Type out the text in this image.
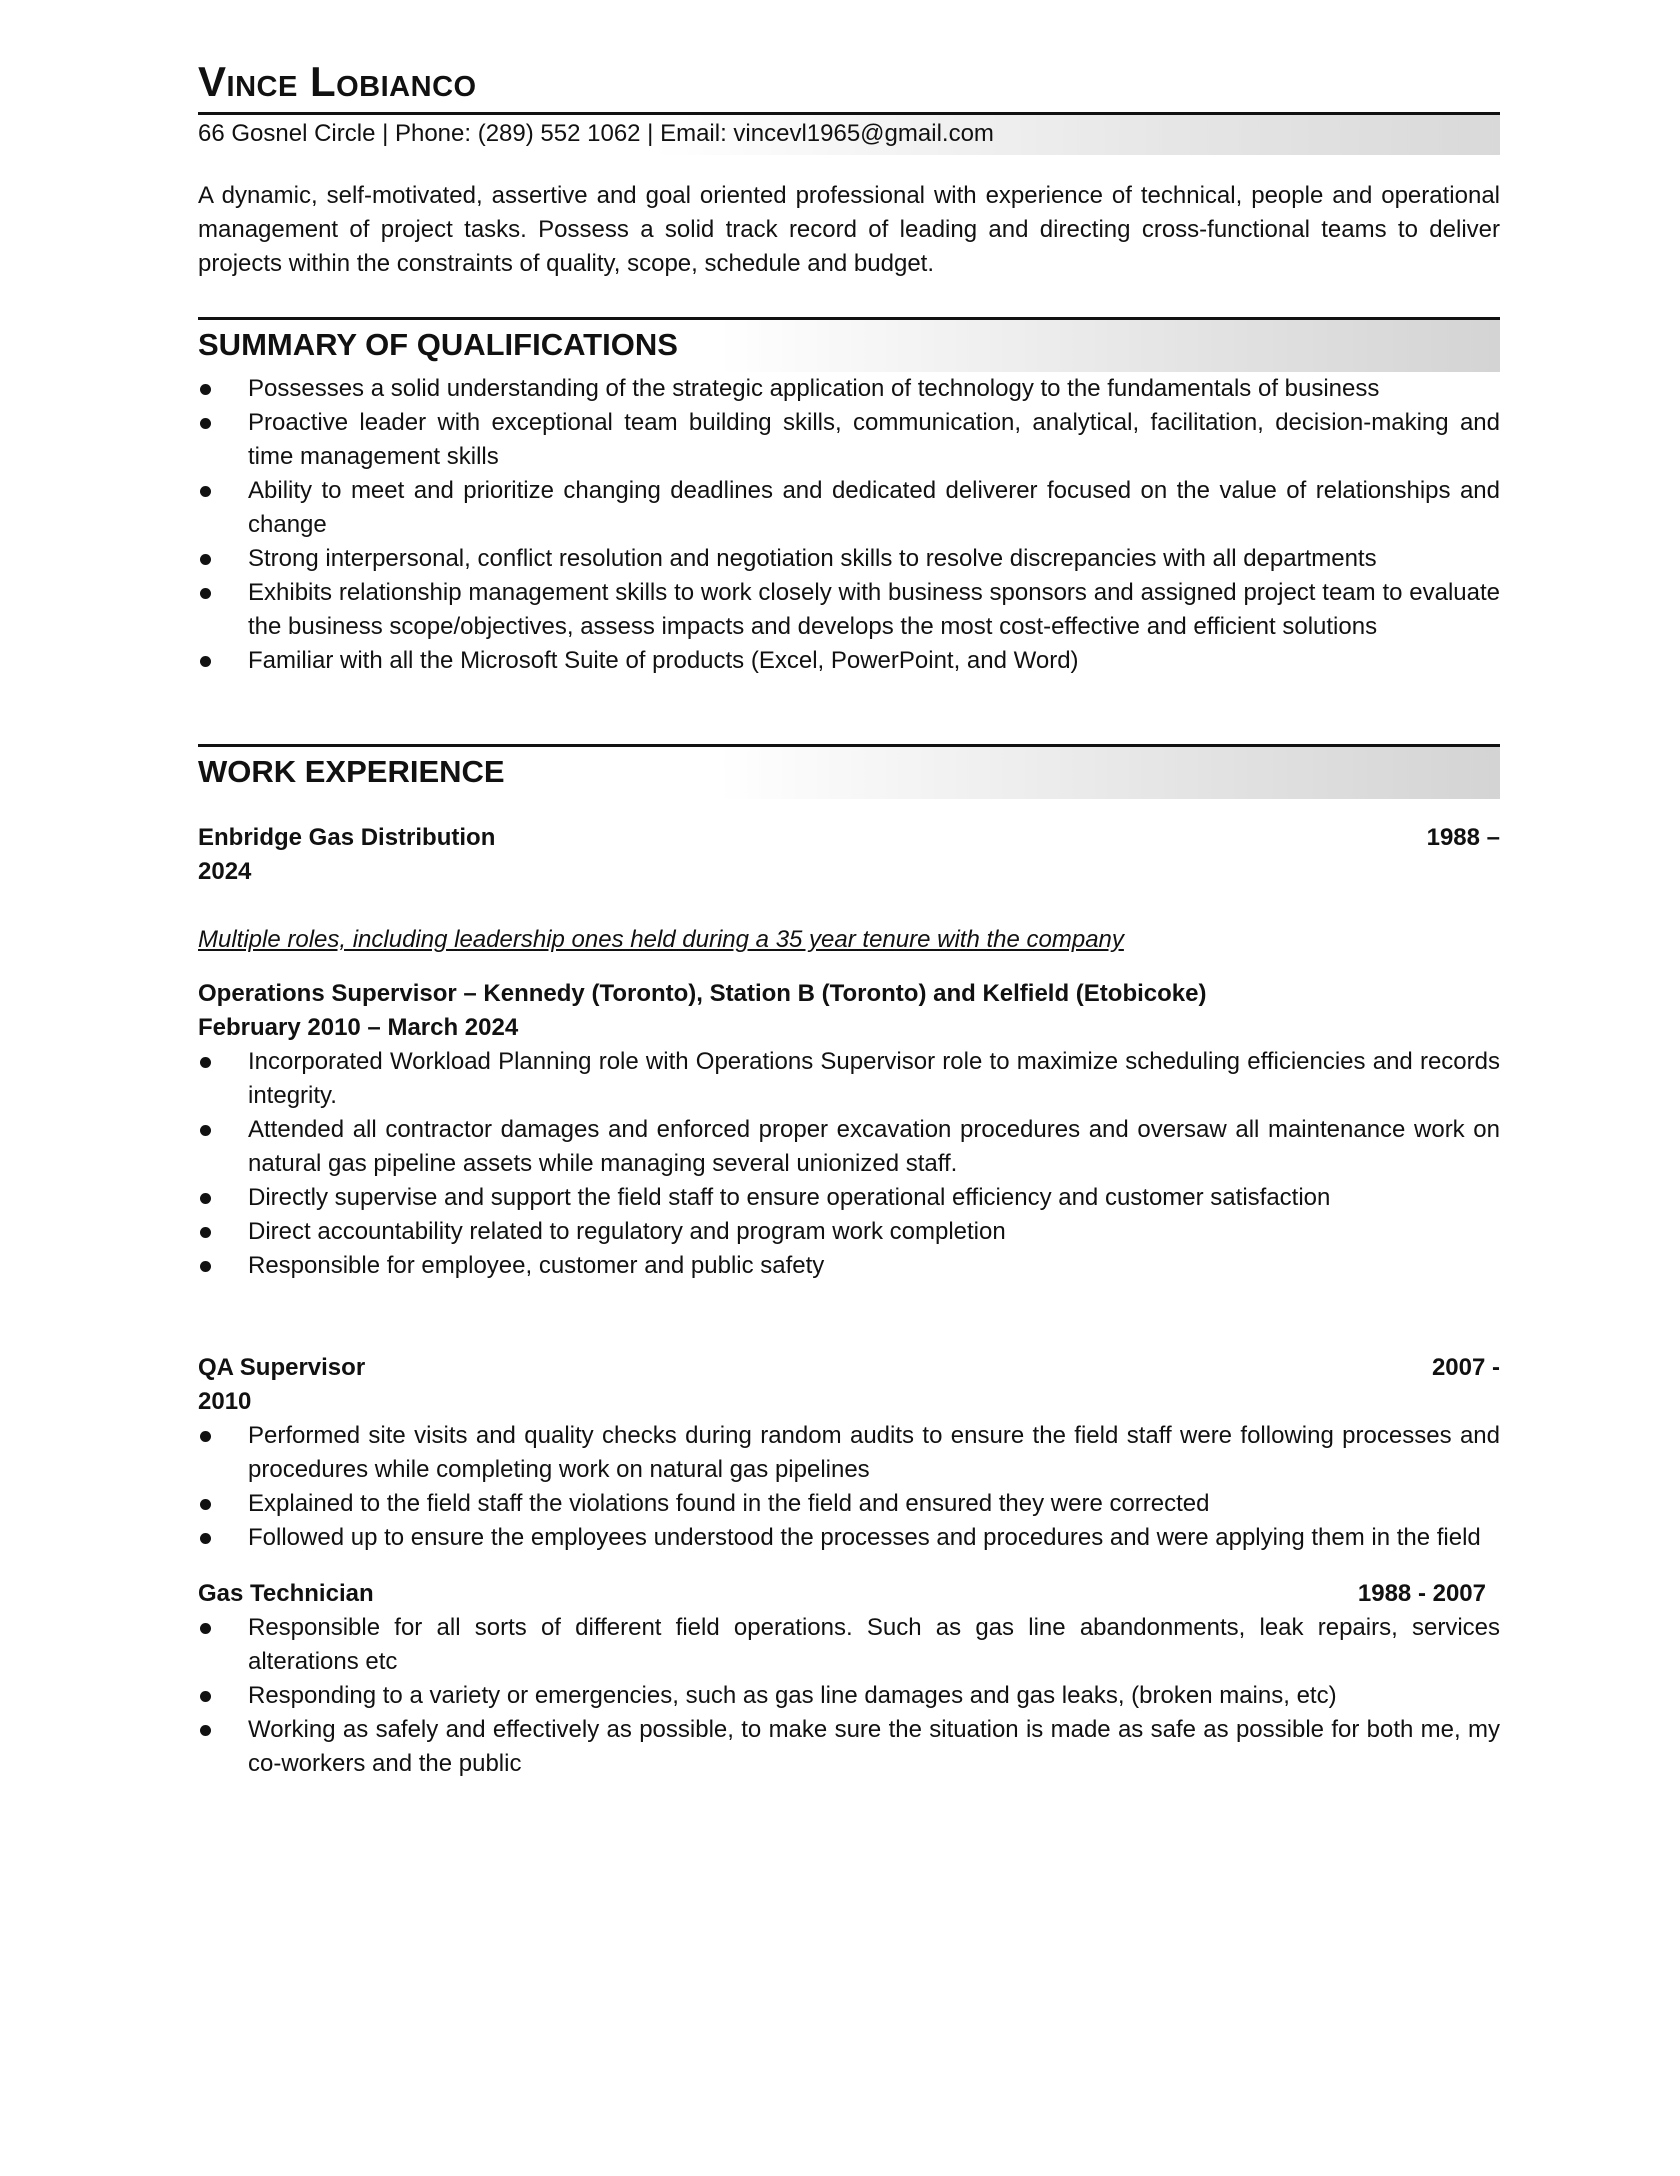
Vince Lobianco
66 Gosnel Circle | Phone: (289) 552 1062 | Email: vincevl1965@gmail.com
A dynamic, self-motivated, assertive and goal oriented professional with experience of technical, people and operational management of project tasks. Possess a solid track record of leading and directing cross-functional teams to deliver projects within the constraints of quality, scope, schedule and budget.
SUMMARY OF QUALIFICATIONS
Possesses a solid understanding of the strategic application of technology to the fundamentals of business
Proactive leader with exceptional team building skills, communication, analytical, facilitation, decision-making and time management skills
Ability to meet and prioritize changing deadlines and dedicated deliverer focused on the value of relationships and change
Strong interpersonal, conflict resolution and negotiation skills to resolve discrepancies with all departments
Exhibits relationship management skills to work closely with business sponsors and assigned project team to evaluate the business scope/objectives, assess impacts and develops the most cost-effective and efficient solutions
Familiar with all the Microsoft Suite of products (Excel, PowerPoint, and Word)
WORK EXPERIENCE
Enbridge Gas Distribution	1988 –
2024
Multiple roles, including leadership ones held during a 35 year tenure with the company
Operations Supervisor – Kennedy (Toronto), Station B (Toronto) and Kelfield (Etobicoke)
February 2010 – March 2024
Incorporated Workload Planning role with Operations Supervisor role to maximize scheduling efficiencies and records integrity.
Attended all contractor damages and enforced proper excavation procedures and oversaw all maintenance work on natural gas pipeline assets while managing several unionized staff.
Directly supervise and support the field staff to ensure operational efficiency and customer satisfaction
Direct accountability related to regulatory and program work completion
Responsible for employee, customer and public safety
QA Supervisor	2007 -
2010
Performed site visits and quality checks during random audits to ensure the field staff were following processes and procedures while completing work on natural gas pipelines
Explained to the field staff the violations found in the field and ensured they were corrected
Followed up to ensure the employees understood the processes and procedures and were applying them in the field
Gas Technician	1988 - 2007
Responsible for all sorts of different field operations. Such as gas line abandonments, leak repairs, services alterations etc
Responding to a variety or emergencies, such as gas line damages and gas leaks, (broken mains, etc)
Working as safely and effectively as possible, to make sure the situation is made as safe as possible for both me, my co-workers and the public
